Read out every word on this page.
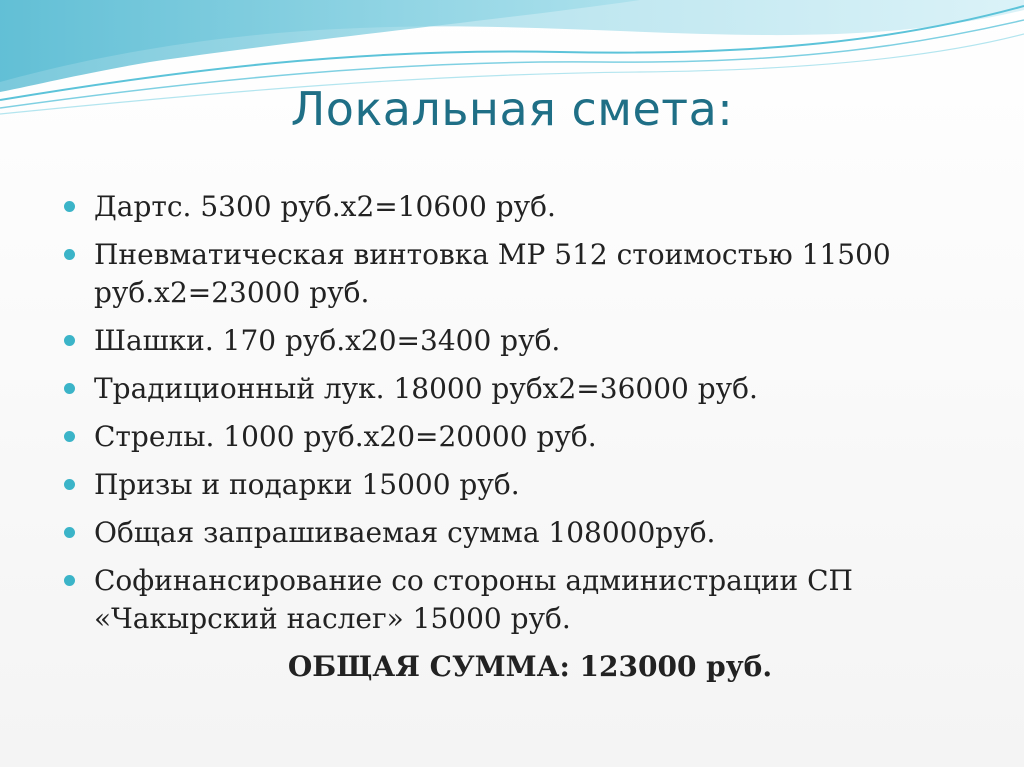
Локальная смета:
Дартс. 5300 руб.х2=10600 руб.
Пневматическая винтовка МР 512 стоимостью 11500 руб.х2=23000 руб.
Шашки. 170 руб.х20=3400 руб.
Традиционный лук. 18000 рубх2=36000 руб.
Стрелы. 1000 руб.х20=20000 руб.
Призы и подарки 15000 руб.
Общая запрашиваемая сумма 108000руб.
Софинансирование со стороны администрации СП «Чакырский наслег» 15000 руб.
ОБЩАЯ СУММА: 123000 руб.
